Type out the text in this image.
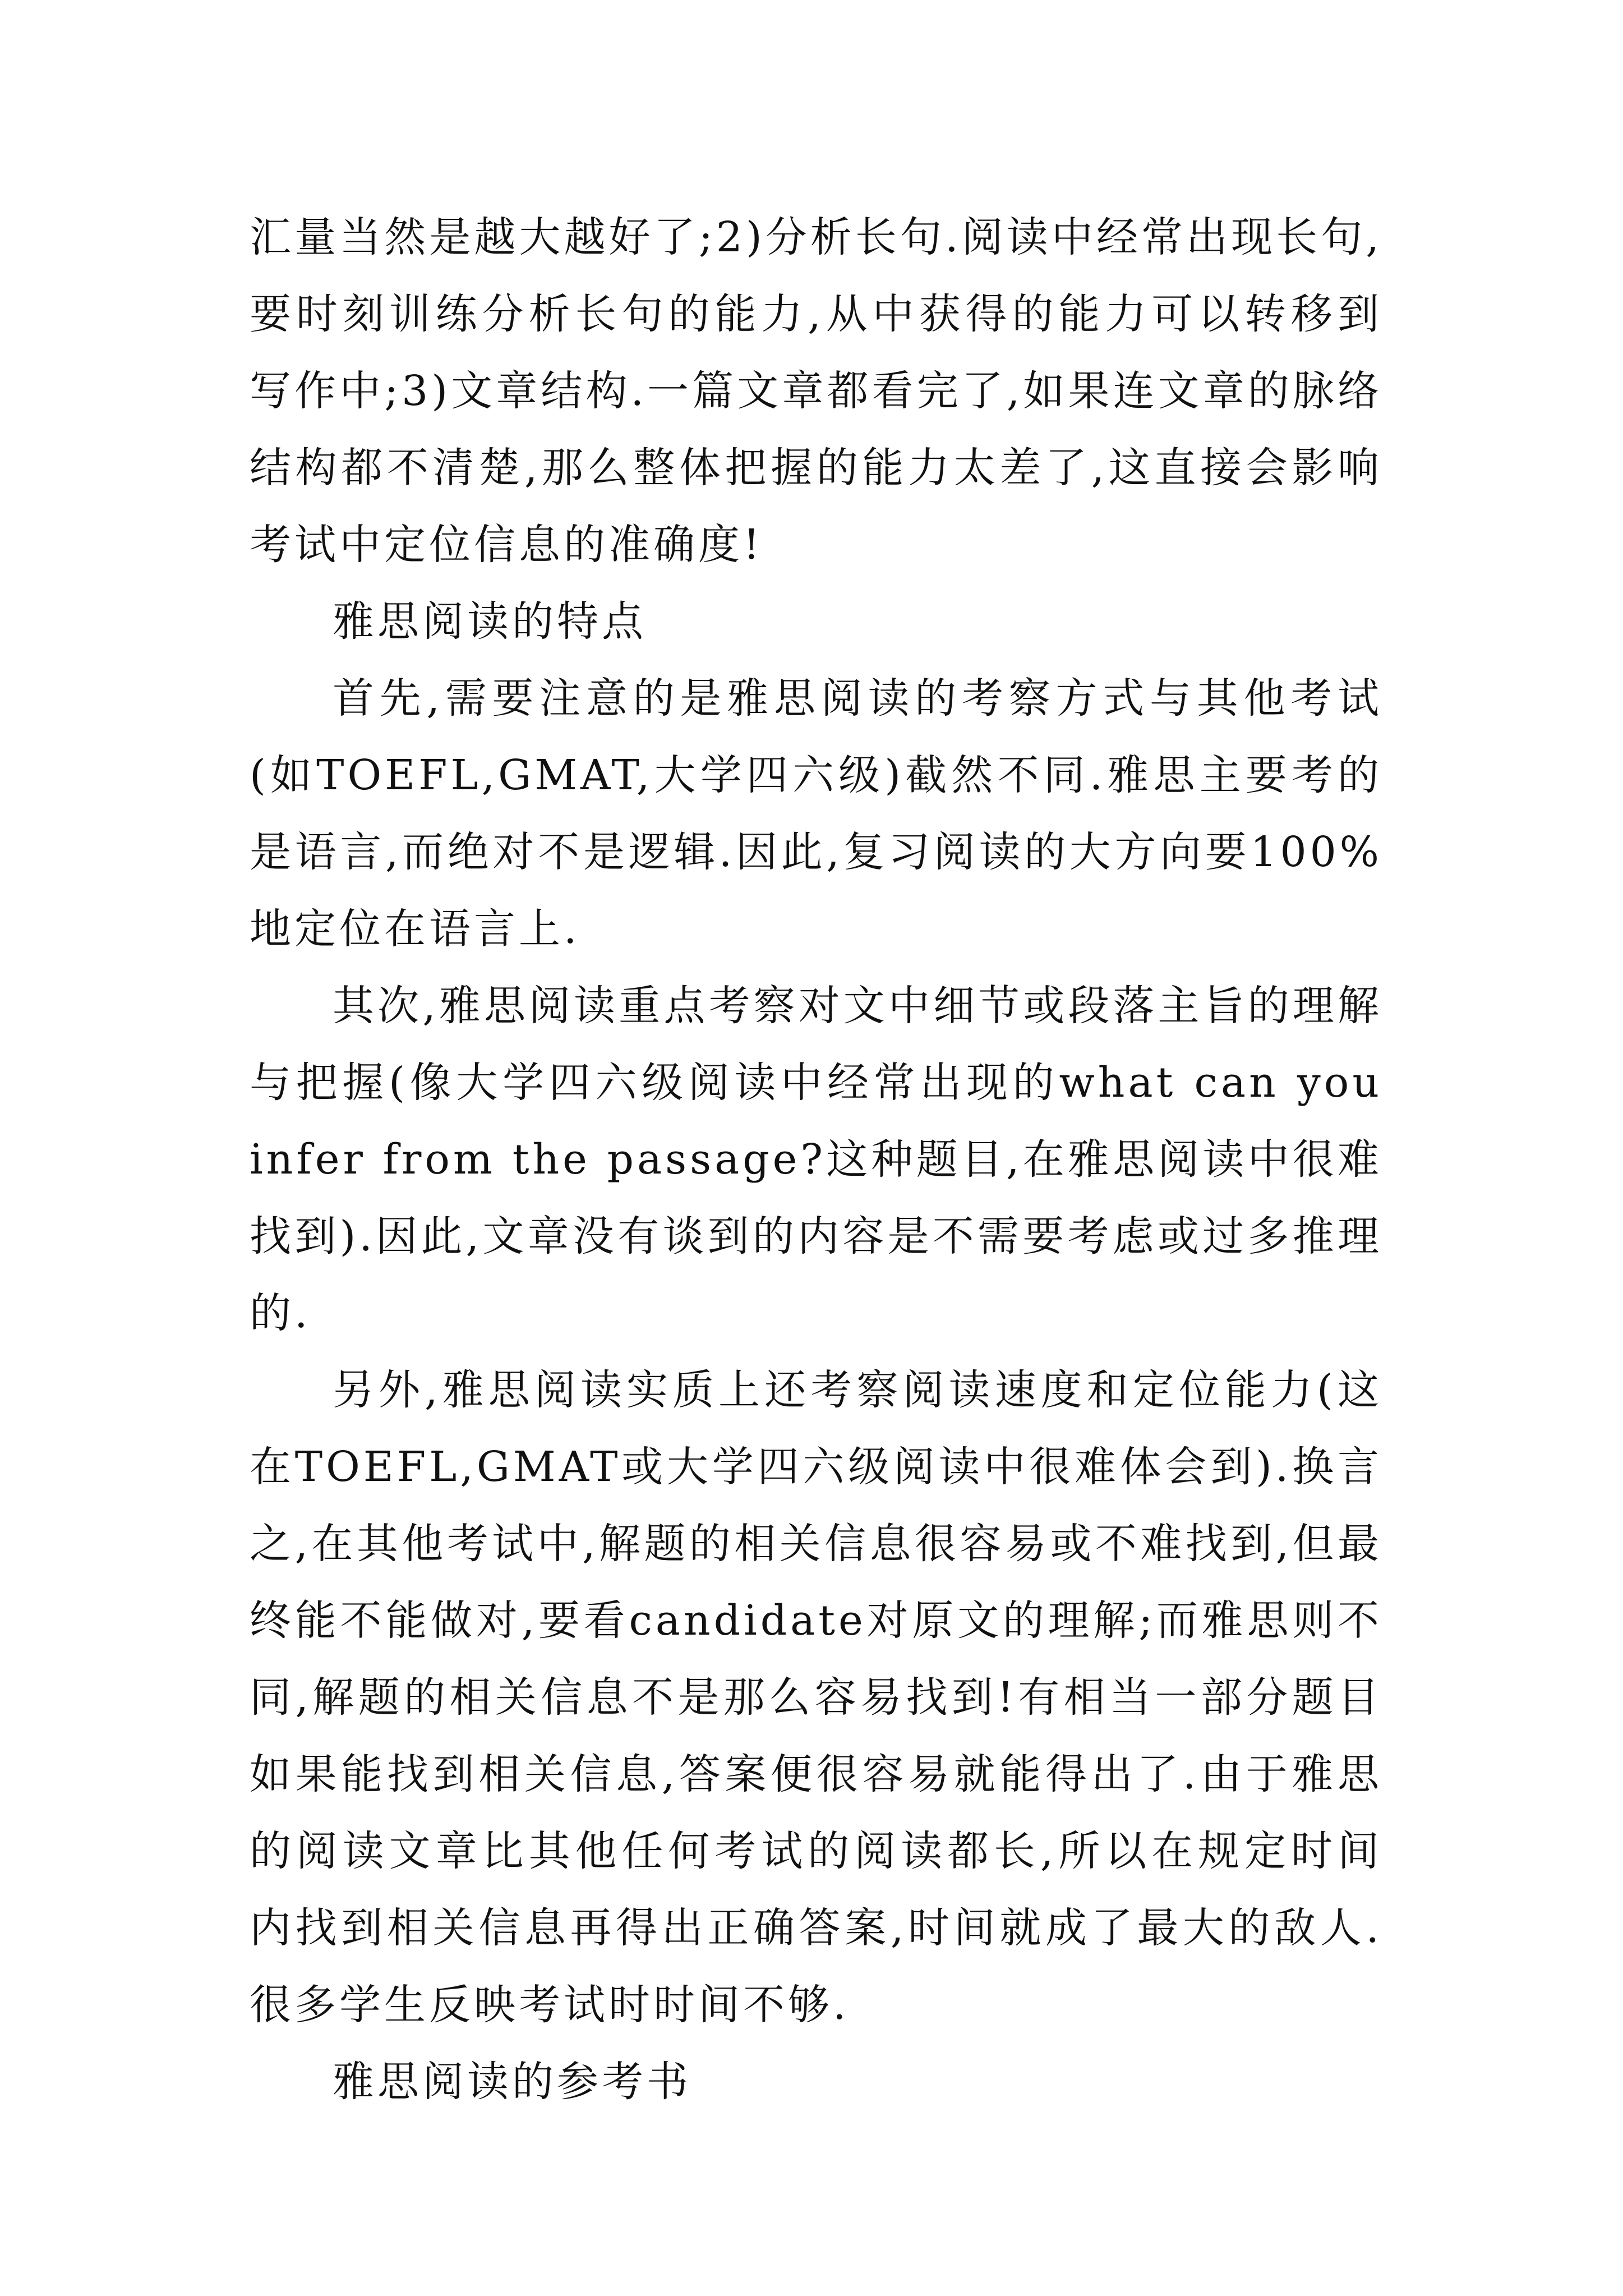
汇量当然是越大越好了;2)分析长句.阅读中经常出现长句,要时刻训练分析长句的能力,从中获得的能力可以转移到写作中;3)文章结构.一篇文章都看完了,如果连文章的脉络结构都不清楚,那么整体把握的能力太差了,这直接会影响考试中定位信息的准确度!

雅思阅读的特点

首先,需要注意的是雅思阅读的考察方式与其他考试(如TOEFL,GMAT,大学四六级)截然不同.雅思主要考的是语言,而绝对不是逻辑.因此,复习阅读的大方向要100%地定位在语言上.

其次,雅思阅读重点考察对文中细节或段落主旨的理解与把握(像大学四六级阅读中经常出现的what can you infer from the passage?这种题目,在雅思阅读中很难找到).因此,文章没有谈到的内容是不需要考虑或过多推理的.

另外,雅思阅读实质上还考察阅读速度和定位能力(这在TOEFL,GMAT或大学四六级阅读中很难体会到).换言之,在其他考试中,解题的相关信息很容易或不难找到,但最终能不能做对,要看candidate对原文的理解;而雅思则不同,解题的相关信息不是那么容易找到!有相当一部分题目如果能找到相关信息,答案便很容易就能得出了.由于雅思的阅读文章比其他任何考试的阅读都长,所以在规定时间内找到相关信息再得出正确答案,时间就成了最大的敌人.很多学生反映考试时时间不够.

雅思阅读的参考书
